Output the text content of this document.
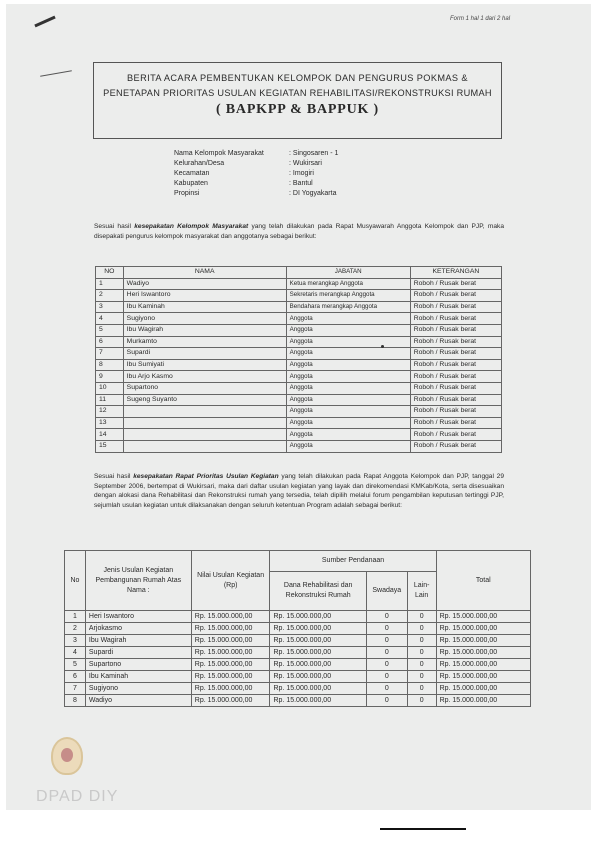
Form 1 hal 1 dari 2 hal
BERITA ACARA PEMBENTUKAN KELOMPOK DAN PENGURUS POKMAS &
PENETAPAN PRIORITAS USULAN KEGIATAN REHABILITASI/REKONSTRUKSI RUMAH
( BAPKPP & BAPPUK )
Nama Kelompok Masyarakat	: Singosaren - 1
Kelurahan/Desa	: Wukirsari
Kecamatan	: Imogiri
Kabupaten	: Bantul
Propinsi	: DI Yogyakarta
Sesuai hasil kesepakatan Kelompok Masyarakat yang telah dilakukan pada Rapat Musyawarah Anggota Kelompok dan PJP, maka disepakati pengurus kelompok masyarakat dan anggotanya sebagai berikut:
NO	NAMA	JABATAN	KETERANGAN
1	Wadiyo	Ketua merangkap Anggota	Roboh / Rusak berat
2	Heri Iswantoro	Sekretaris merangkap Anggota	Roboh / Rusak berat
3	Ibu Kaminah	Bendahara merangkap Anggota	Roboh / Rusak berat
4	Sugiyono	Anggota	Roboh / Rusak berat
5	Ibu Wagirah	Anggota	Roboh / Rusak berat
6	Murkamto	Anggota	Roboh / Rusak berat
7	Supardi	Anggota	Roboh / Rusak berat
8	Ibu Sumiyati	Anggota	Roboh / Rusak berat
9	Ibu Arjo Kasmo	Anggota	Roboh / Rusak berat
10	Supartono	Anggota	Roboh / Rusak berat
11	Sugeng Suyanto	Anggota	Roboh / Rusak berat
12		Anggota	Roboh / Rusak berat
13		Anggota	Roboh / Rusak berat
14		Anggota	Roboh / Rusak berat
15		Anggota	Roboh / Rusak berat
Sesuai hasil kesepakatan Rapat Prioritas Usulan Kegiatan yang telah dilakukan pada Rapat Anggota Kelompok dan PJP, tanggal 29 September 2006, bertempat di Wukirsari, maka dari daftar usulan kegiatan yang layak dan direkomendasi KMKab/Kota, serta disesuaikan dengan alokasi dana Rehabilitasi dan Rekonstruksi rumah yang tersedia, telah dipilih melalui forum pengambilan keputusan tertinggi PJP, sejumlah usulan kegiatan untuk dilaksanakan dengan seluruh ketentuan Program adalah sebagai berikut:
No	Jenis Usulan Kegiatan Pembangunan Rumah Atas Nama :	Nilai Usulan Kegiatan (Rp)	Sumber Pendanaan			Total
			Dana Rehabilitasi dan Rekonstruksi Rumah	Swadaya	Lain-Lain	
1	Heri Iswantoro	Rp. 15.000.000,00	Rp. 15.000.000,00	0	0	Rp. 15.000.000,00
2	Arjokasmo	Rp. 15.000.000,00	Rp. 15.000.000,00	0	0	Rp. 15.000.000,00
3	Ibu Wagirah	Rp. 15.000.000,00	Rp. 15.000.000,00	0	0	Rp. 15.000.000,00
4	Supardi	Rp. 15.000.000,00	Rp. 15.000.000,00	0	0	Rp. 15.000.000,00
5	Supartono	Rp. 15.000.000,00	Rp. 15.000.000,00	0	0	Rp. 15.000.000,00
6	Ibu Kaminah	Rp. 15.000.000,00	Rp. 15.000.000,00	0	0	Rp. 15.000.000,00
7	Sugiyono	Rp. 15.000.000,00	Rp. 15.000.000,00	0	0	Rp. 15.000.000,00
8	Wadiyo	Rp. 15.000.000,00	Rp. 15.000.000,00	0	0	Rp. 15.000.000,00
DPAD DIY
